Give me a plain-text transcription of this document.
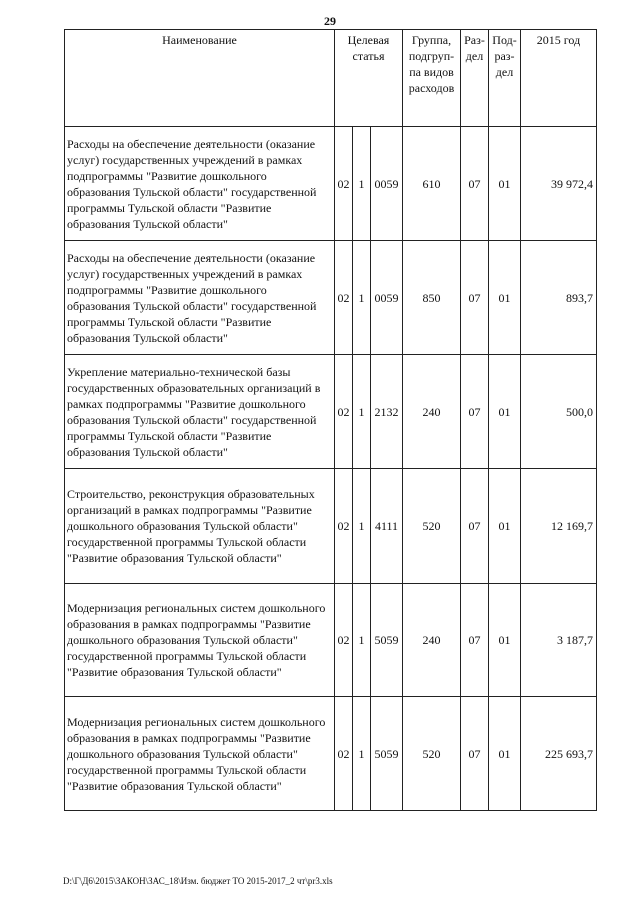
29
Наименование	Целевая статья			Группа, подгруп-па видов расходов	Раз-дел	Под-раз-дел	2015 год
Расходы на обеспечение деятельности (оказание услуг) государственных учреждений в рамках подпрограммы "Развитие дошкольного образования Тульской области" государственной программы Тульской области "Развитие образования Тульской области"	02	1	0059	610	07	01	39 972,4
Расходы на обеспечение деятельности (оказание услуг) государственных учреждений в рамках подпрограммы "Развитие дошкольного образования Тульской области" государственной программы Тульской области "Развитие образования Тульской области"	02	1	0059	850	07	01	893,7
Укрепление материально-технической базы государственных образовательных организаций в рамках подпрограммы "Развитие дошкольного образования Тульской области" государственной программы Тульской области "Развитие образования Тульской области"	02	1	2132	240	07	01	500,0
Строительство, реконструкция образовательных организаций в рамках подпрограммы "Развитие дошкольного образования Тульской области" государственной программы Тульской области "Развитие образования Тульской области"	02	1	4111	520	07	01	12 169,7
Модернизация региональных систем дошкольного образования в рамках подпрограммы "Развитие дошкольного образования Тульской области" государственной программы Тульской области "Развитие образования Тульской области"	02	1	5059	240	07	01	3 187,7
Модернизация региональных систем дошкольного образования в рамках подпрограммы "Развитие дошкольного образования Тульской области" государственной программы Тульской области "Развитие образования Тульской области"	02	1	5059	520	07	01	225 693,7
D:\Г\Д6\2015\ЗАКОН\ЗАС_18\Изм. бюджет ТО 2015-2017_2 чт\pr3.xls
